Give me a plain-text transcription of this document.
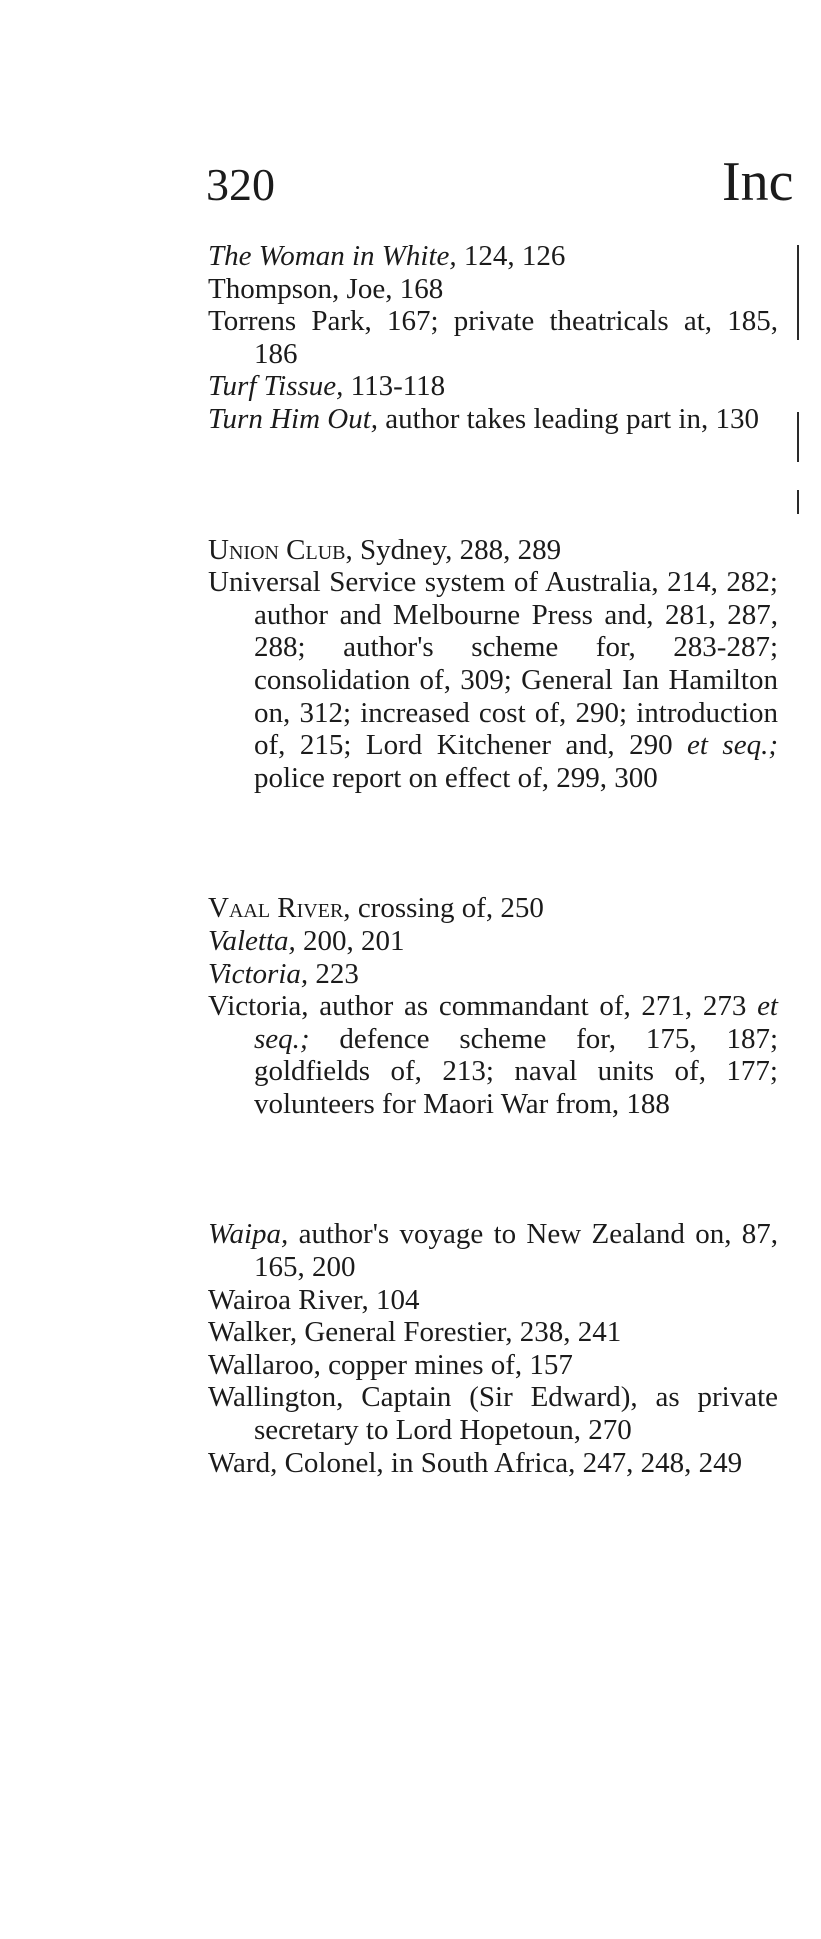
320	Inc

The Woman in White, 124, 126

Thompson, Joe, 168

Torrens Park, 167; private theatricals at, 185, 186

Turf Tissue, 113-118

Turn Him Out, author takes leading part in, 130

Union Club, Sydney, 288, 289

Universal Service system of Australia, 214, 282; author and Melbourne Press and, 281, 287, 288; author's scheme for, 283-287; consolidation of, 309; General Ian Hamilton on, 312; increased cost of, 290; introduction of, 215; Lord Kitchener and, 290 et seq.; police report on effect of, 299, 300

Vaal River, crossing of, 250

Valetta, 200, 201

Victoria, 223

Victoria, author as commandant of, 271, 273 et seq.; defence scheme for, 175, 187; goldfields of, 213; naval units of, 177; volunteers for Maori War from, 188

Waipa, author's voyage to New Zealand on, 87, 165, 200

Wairoa River, 104

Walker, General Forestier, 238, 241

Wallaroo, copper mines of, 157

Wallington, Captain (Sir Edward), as private secretary to Lord Hopetoun, 270

Ward, Colonel, in South Africa, 247, 248, 249
